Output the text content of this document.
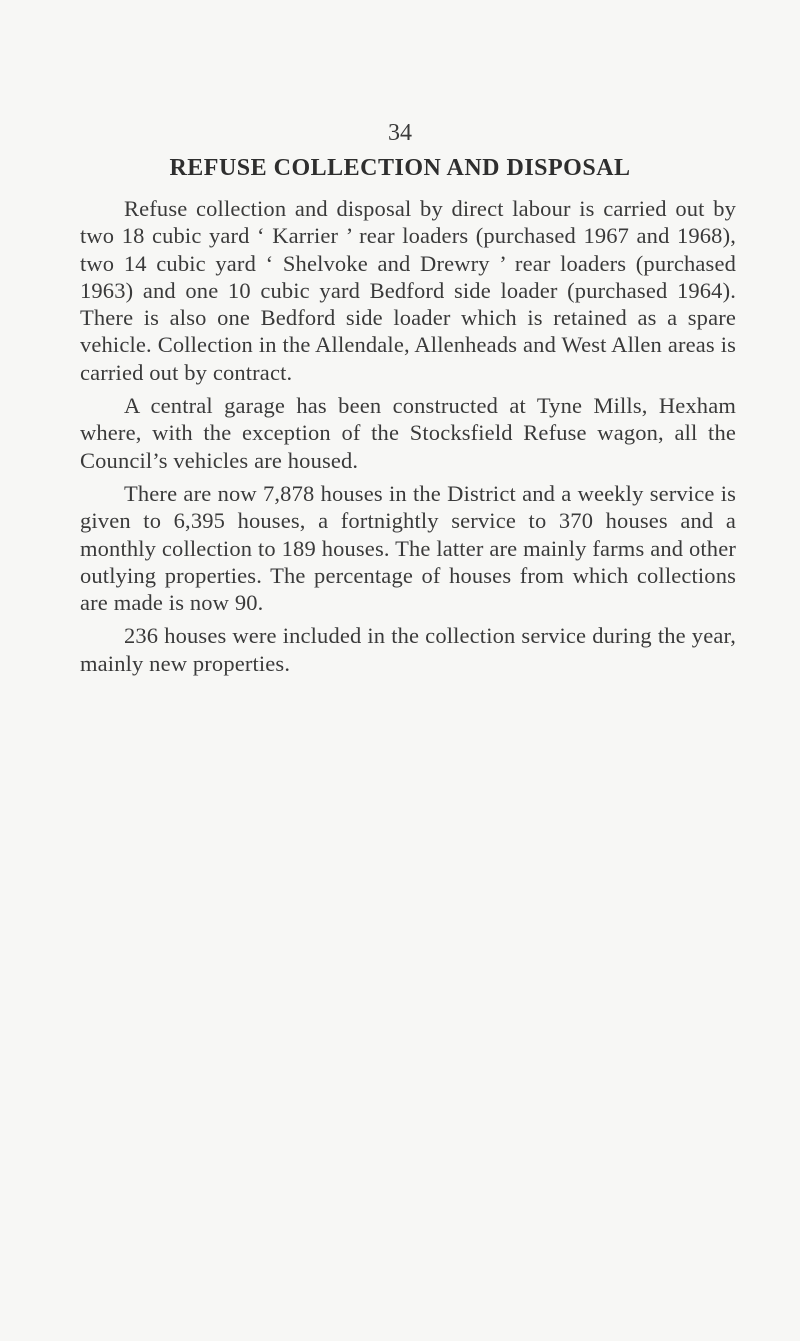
34
REFUSE COLLECTION AND DISPOSAL

Refuse collection and disposal by direct labour is carried out by two 18 cubic yard ‘ Karrier ’ rear loaders (purchased 1967 and 1968), two 14 cubic yard ‘ Shelvoke and Drewry ’ rear loaders (purchased 1963) and one 10 cubic yard Bedford side loader (purchased 1964). There is also one Bedford side loader which is retained as a spare vehicle. Collection in the Allendale, Allenheads and West Allen areas is carried out by contract.

A central garage has been constructed at Tyne Mills, Hexham where, with the exception of the Stocksfield Refuse wagon, all the Council’s vehicles are housed.

There are now 7,878 houses in the District and a weekly service is given to 6,395 houses, a fortnightly service to 370 houses and a monthly collection to 189 houses. The latter are mainly farms and other outlying properties. The percentage of houses from which collections are made is now 90.

236 houses were included in the collection service during the year, mainly new properties.
